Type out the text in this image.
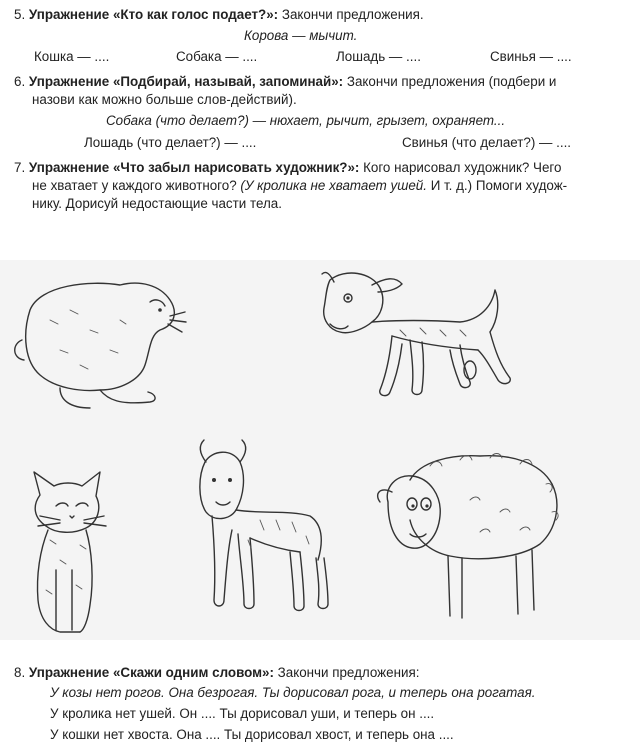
5. Упражнение «Кто как голос подает?»: Закончи предложения.
Корова — мычит.
Кошка — ....	Собака — ....	Лошадь — ....	Свинья — ....
6. Упражнение «Подбирай, называй, запоминай»: Закончи предложения (подбери и
назови как можно больше слов-действий).
Собака (что делает?) — нюхает, рычит, грызет, охраняет...
Лошадь (что делает?) — ....	Свинья (что делает?) — ....
7. Упражнение «Что забыл нарисовать художник?»: Кого нарисовал художник? Чего
не хватает у каждого животного? (У кролика не хватает ушей. И т. д.) Помоги худож-
нику. Дорисуй недостающие части тела.
8. Упражнение «Скажи одним словом»: Закончи предложения:
У козы нет рогов. Она безрогая. Ты дорисовал рога, и теперь она рогатая.
У кролика нет ушей. Он .... Ты дорисовал уши, и теперь он ....
У кошки нет хвоста. Она .... Ты дорисовал хвост, и теперь она ....
